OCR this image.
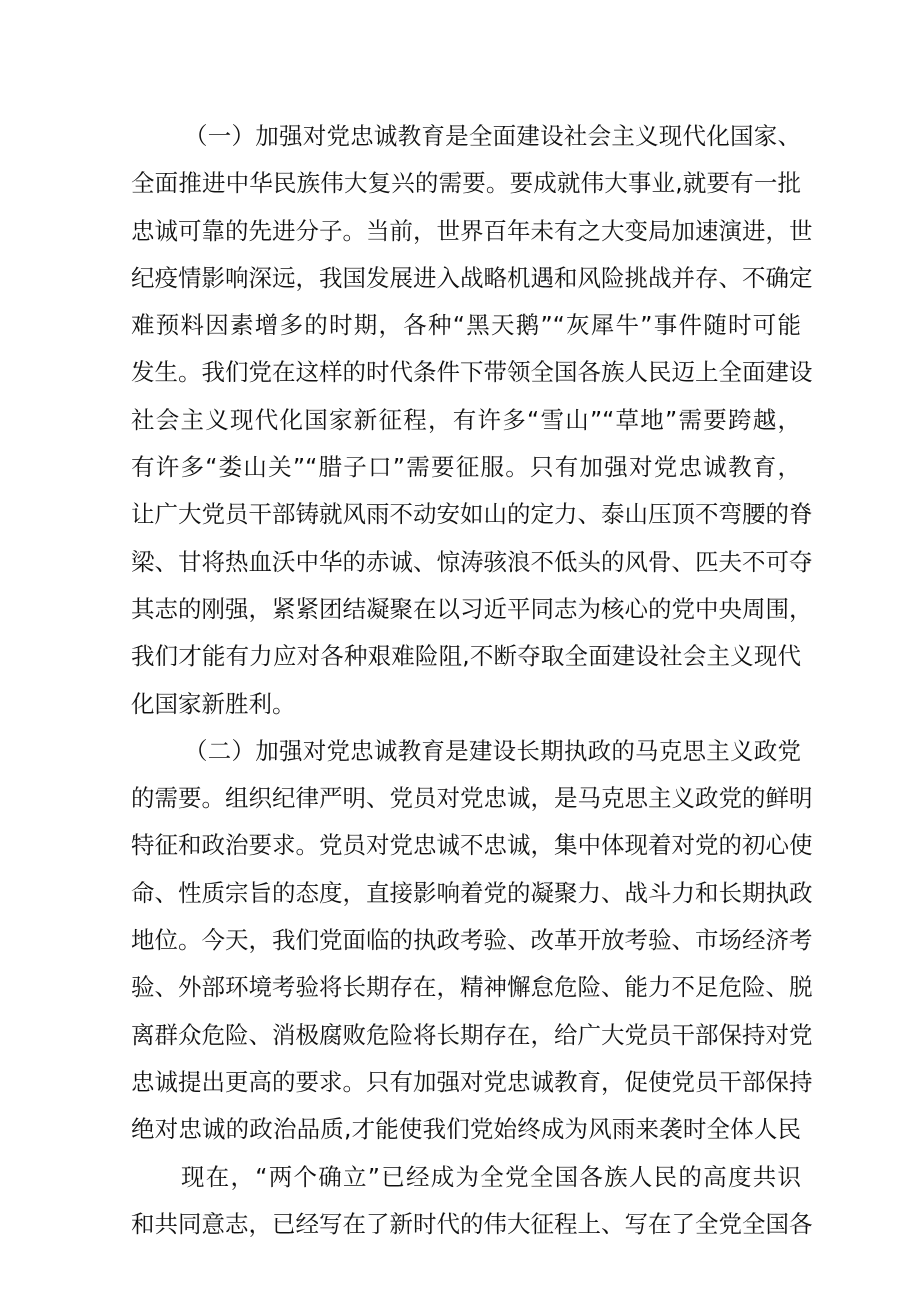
（一）加强对党忠诚教育是全面建设社会主义现代化国家、
全面推进中华民族伟大复兴的需要。要成就伟大事业,就要有一批
忠诚可靠的先进分子。当前，世界百年未有之大变局加速演进，世
纪疫情影响深远，我国发展进入战略机遇和风险挑战并存、不确定
难预料因素增多的时期，各种“黑天鹅”“灰犀牛”事件随时可能
发生。我们党在这样的时代条件下带领全国各族人民迈上全面建设
社会主义现代化国家新征程，有许多“雪山”“草地”需要跨越，
有许多“娄山关”“腊子口”需要征服。只有加强对党忠诚教育，
让广大党员干部铸就风雨不动安如山的定力、泰山压顶不弯腰的脊
梁、甘将热血沃中华的赤诚、惊涛骇浪不低头的风骨、匹夫不可夺
其志的刚强，紧紧团结凝聚在以习近平同志为核心的党中央周围，
我们才能有力应对各种艰难险阻,不断夺取全面建设社会主义现代
化国家新胜利。
（二）加强对党忠诚教育是建设长期执政的马克思主义政党
的需要。组织纪律严明、党员对党忠诚，是马克思主义政党的鲜明
特征和政治要求。党员对党忠诚不忠诚，集中体现着对党的初心使
命、性质宗旨的态度，直接影响着党的凝聚力、战斗力和长期执政
地位。今天，我们党面临的执政考验、改革开放考验、市场经济考
验、外部环境考验将长期存在，精神懈怠危险、能力不足危险、脱
离群众危险、消极腐败危险将长期存在，给广大党员干部保持对党
忠诚提出更高的要求。只有加强对党忠诚教育，促使党员干部保持
绝对忠诚的政治品质,才能使我们党始终成为风雨来袭时全体人民
现在，“两个确立”已经成为全党全国各族人民的高度共识
和共同意志，已经写在了新时代的伟大征程上、写在了全党全国各
